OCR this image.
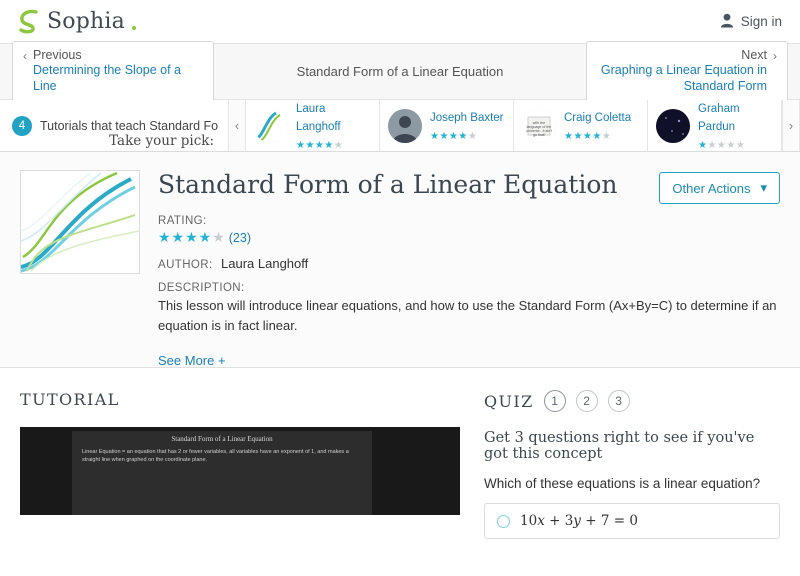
Sophia	Sign in
‹ Previous
Determining the Slope of a Line
Standard Form of a Linear Equation
›
Next
Graphing a Linear Equation in Standard Form
4	Tutorials that teach Standard Fo
Take your pick:
‹
Laura Langhoff ★★★★★
Joseph Baxter ★★★★★
with the
language of the
universe...it ain't
go that!
Craig Coletta ★★★★★
Graham Pardun ★★★★★
›
Standard Form of a Linear Equation
RATING:
★★★★★ (23)
AUTHOR: Laura Langhoff
DESCRIPTION:
This lesson will introduce linear equations, and how to use the Standard Form (Ax+By=C) to determine if an equation is in fact linear.
See More +
Other Actions ▾
TUTORIAL
Standard Form of a Linear Equation
Linear Equation = an equation that has 2 or fewer variables, all variables have an exponent of 1, and makes a straight line when graphed on the coordinate plane.
QUIZ	1	2	3
Get 3 questions right to see if you've got this concept
Which of these equations is a linear equation?
10x + 3y + 7 = 0
